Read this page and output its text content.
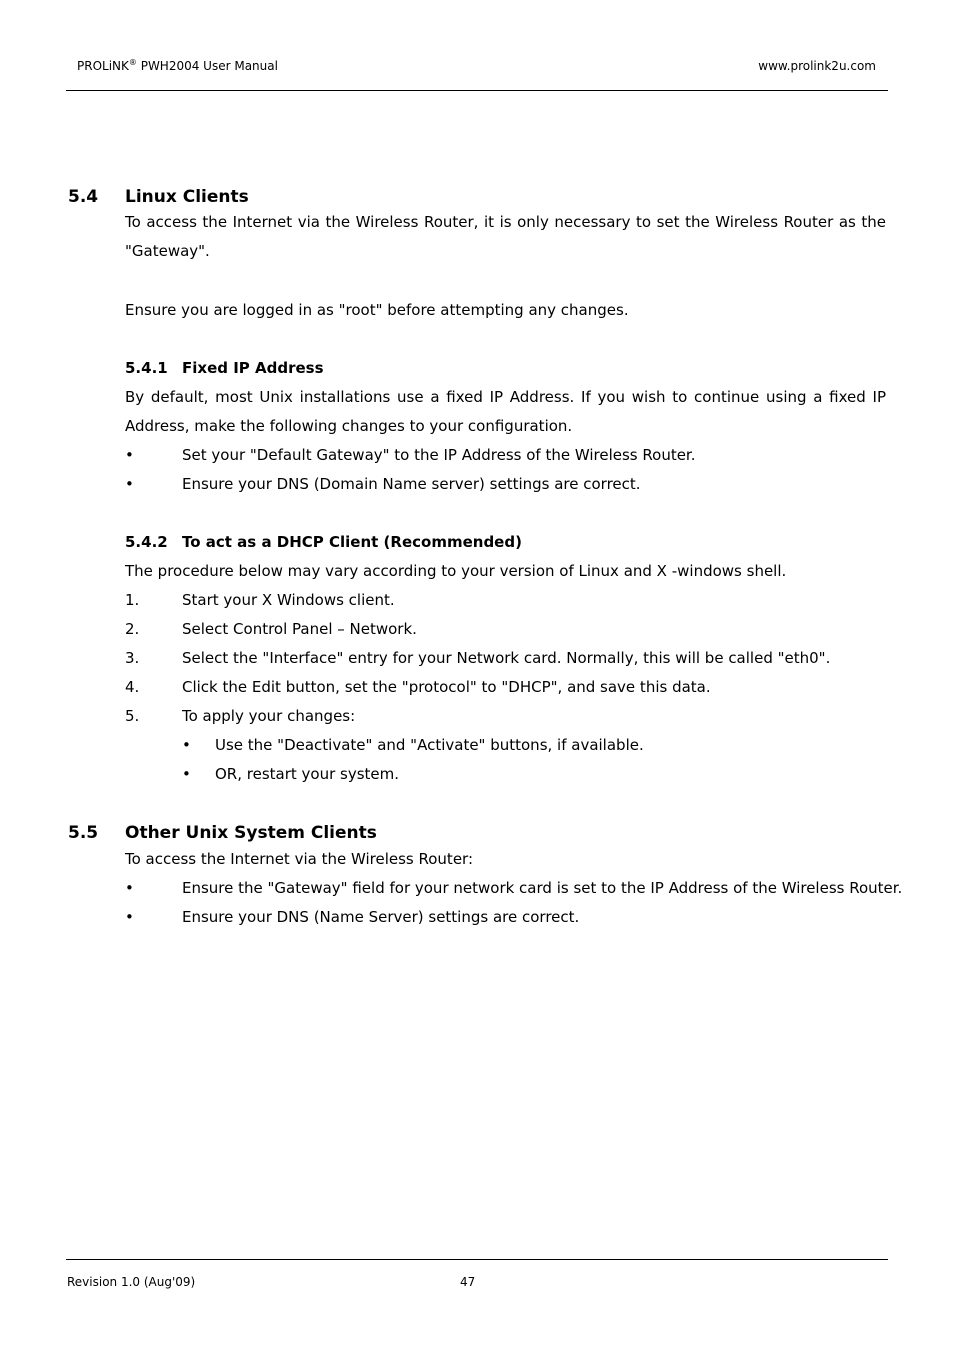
PROLiNK® PWH2004 User Manual	www.prolink2u.com
5.4 Linux Clients
To access the Internet via the Wireless Router, it is only necessary to set the Wireless Router as the "Gateway".
Ensure you are logged in as "root" before attempting any changes.
5.4.1 Fixed IP Address
By default, most Unix installations use a fixed IP Address. If you wish to continue using a fixed IP Address, make the following changes to your configuration.
•	Set your "Default Gateway" to the IP Address of the Wireless Router.
•	Ensure your DNS (Domain Name server) settings are correct.
5.4.2 To act as a DHCP Client (Recommended)
The procedure below may vary according to your version of Linux and X -windows shell.
1.	Start your X Windows client.
2.	Select Control Panel – Network.
3.	Select the "Interface" entry for your Network card. Normally, this will be called "eth0".
4.	Click the Edit button, set the "protocol" to "DHCP", and save this data.
5.	To apply your changes:
• Use the "Deactivate" and "Activate" buttons, if available.
• OR, restart your system.
5.5 Other Unix System Clients
To access the Internet via the Wireless Router:
•	Ensure the "Gateway" field for your network card is set to the IP Address of the Wireless Router.
•	Ensure your DNS (Name Server) settings are correct.
Revision 1.0 (Aug'09)	47
